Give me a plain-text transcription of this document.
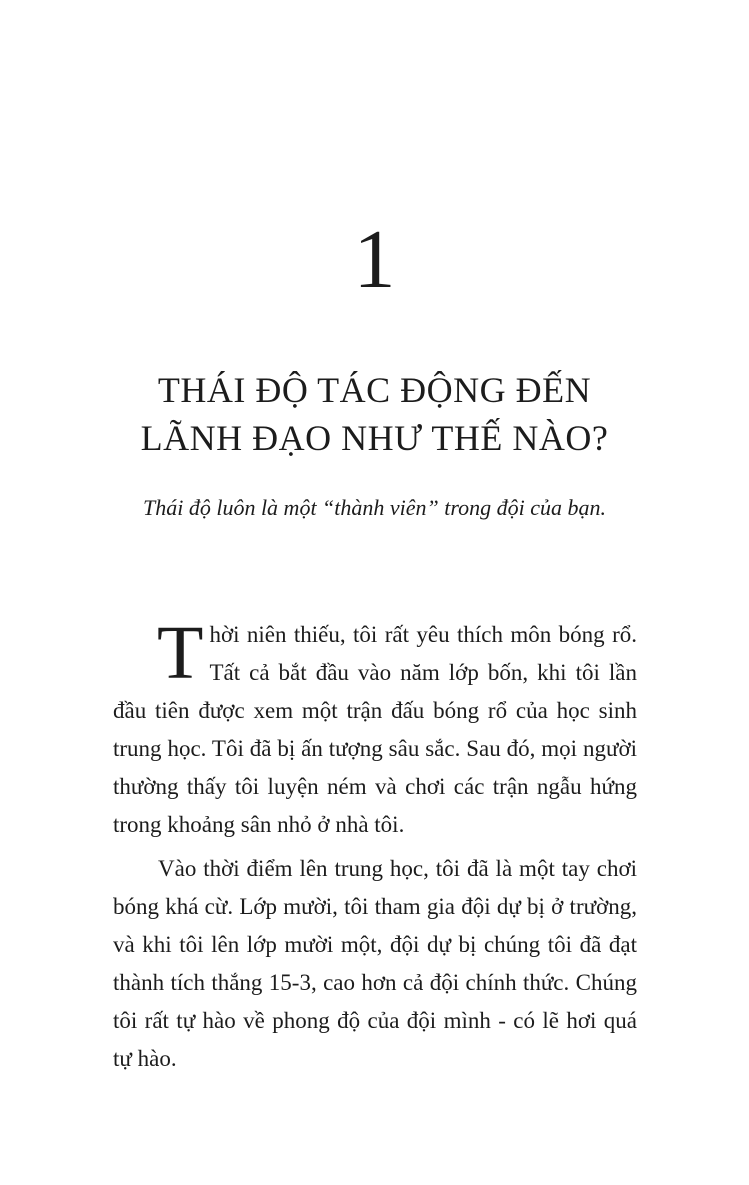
1
THÁI ĐỘ TÁC ĐỘNG ĐẾN
LÃNH ĐẠO NHƯ THẾ NÀO?
Thái độ luôn là một “thành viên” trong đội của bạn.

Thời niên thiếu, tôi rất yêu thích môn bóng rổ. Tất cả bắt đầu vào năm lớp bốn, khi tôi lần đầu tiên được xem một trận đấu bóng rổ của học sinh trung học. Tôi đã bị ấn tượng sâu sắc. Sau đó, mọi người thường thấy tôi luyện ném và chơi các trận ngẫu hứng trong khoảng sân nhỏ ở nhà tôi.

Vào thời điểm lên trung học, tôi đã là một tay chơi bóng khá cừ. Lớp mười, tôi tham gia đội dự bị ở trường, và khi tôi lên lớp mười một, đội dự bị chúng tôi đã đạt thành tích thắng 15-3, cao hơn cả đội chính thức. Chúng tôi rất tự hào về phong độ của đội mình - có lẽ hơi quá tự hào.
